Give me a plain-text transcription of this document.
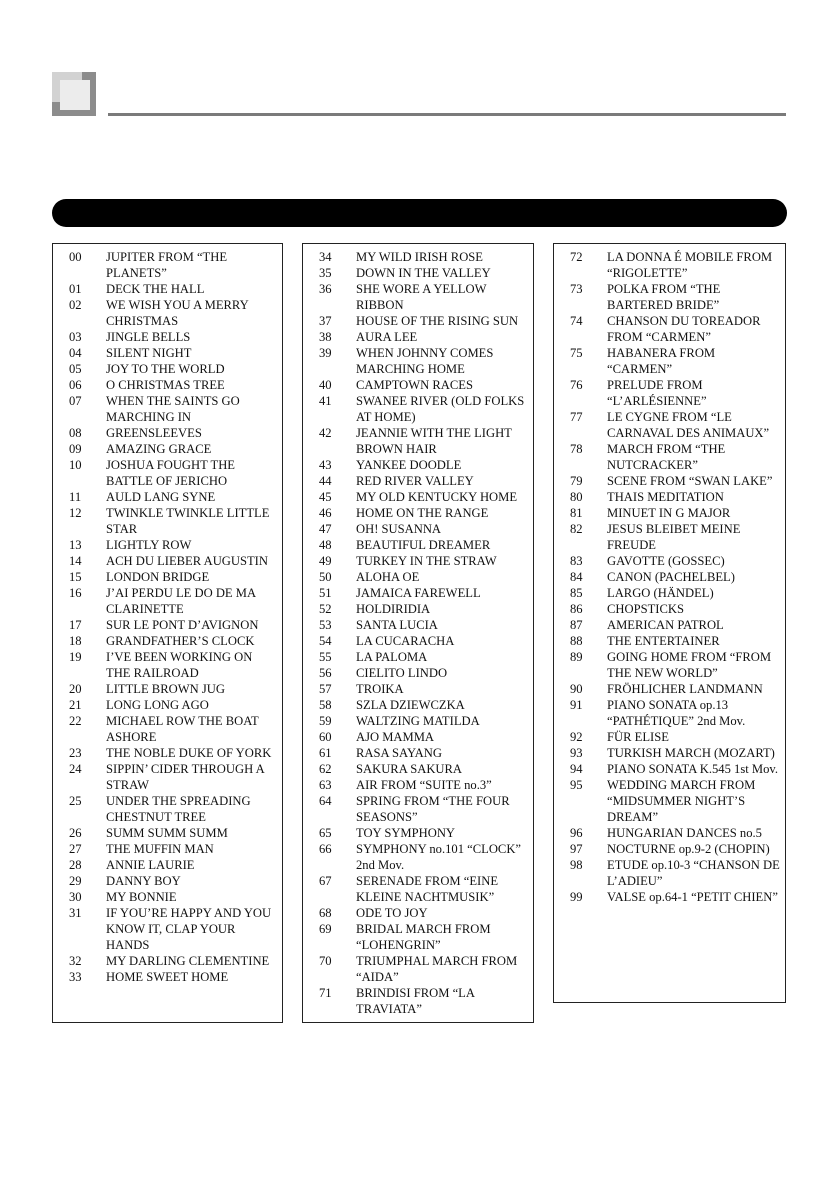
00	JUPITER FROM “THE PLANETS”
01	DECK THE HALL
02	WE WISH YOU A MERRY CHRISTMAS
03	JINGLE BELLS
04	SILENT NIGHT
05	JOY TO THE WORLD
06	O CHRISTMAS TREE
07	WHEN THE SAINTS GO MARCHING IN
08	GREENSLEEVES
09	AMAZING GRACE
10	JOSHUA FOUGHT THE BATTLE OF JERICHO
11	AULD LANG SYNE
12	TWINKLE TWINKLE LITTLE STAR
13	LIGHTLY ROW
14	ACH DU LIEBER AUGUSTIN
15	LONDON BRIDGE
16	J’AI PERDU LE DO DE MA CLARINETTE
17	SUR LE PONT D’AVIGNON
18	GRANDFATHER’S CLOCK
19	I’VE BEEN WORKING ON THE RAILROAD
20	LITTLE BROWN JUG
21	LONG LONG AGO
22	MICHAEL ROW THE BOAT ASHORE
23	THE NOBLE DUKE OF YORK
24	SIPPIN’ CIDER THROUGH A STRAW
25	UNDER THE SPREADING CHESTNUT TREE
26	SUMM SUMM SUMM
27	THE MUFFIN MAN
28	ANNIE LAURIE
29	DANNY BOY
30	MY BONNIE
31	IF YOU’RE HAPPY AND YOU KNOW IT, CLAP YOUR HANDS
32	MY DARLING CLEMENTINE
33	HOME SWEET HOME
34	MY WILD IRISH ROSE
35	DOWN IN THE VALLEY
36	SHE WORE A YELLOW RIBBON
37	HOUSE OF THE RISING SUN
38	AURA LEE
39	WHEN JOHNNY COMES MARCHING HOME
40	CAMPTOWN RACES
41	SWANEE RIVER (OLD FOLKS AT HOME)
42	JEANNIE WITH THE LIGHT BROWN HAIR
43	YANKEE DOODLE
44	RED RIVER VALLEY
45	MY OLD KENTUCKY HOME
46	HOME ON THE RANGE
47	OH! SUSANNA
48	BEAUTIFUL DREAMER
49	TURKEY IN THE STRAW
50	ALOHA OE
51	JAMAICA FAREWELL
52	HOLDIRIDIA
53	SANTA LUCIA
54	LA CUCARACHA
55	LA PALOMA
56	CIELITO LINDO
57	TROIKA
58	SZLA DZIEWCZKA
59	WALTZING MATILDA
60	AJO MAMMA
61	RASA SAYANG
62	SAKURA SAKURA
63	AIR FROM “SUITE no.3”
64	SPRING FROM “THE FOUR SEASONS”
65	TOY SYMPHONY
66	SYMPHONY no.101 “CLOCK” 2nd Mov.
67	SERENADE FROM “EINE KLEINE NACHTMUSIK”
68	ODE TO JOY
69	BRIDAL MARCH FROM “LOHENGRIN”
70	TRIUMPHAL MARCH FROM “AIDA”
71	BRINDISI FROM “LA TRAVIATA”
72	LA DONNA É MOBILE FROM “RIGOLETTE”
73	POLKA FROM “THE BARTERED BRIDE”
74	CHANSON DU TOREADOR FROM “CARMEN”
75	HABANERA FROM “CARMEN”
76	PRELUDE FROM “L’ARLÉSIENNE”
77	LE CYGNE FROM “LE CARNAVAL DES ANIMAUX”
78	MARCH FROM “THE NUTCRACKER”
79	SCENE FROM “SWAN LAKE”
80	THAIS MEDITATION
81	MINUET IN G MAJOR
82	JESUS BLEIBET MEINE FREUDE
83	GAVOTTE (GOSSEC)
84	CANON (PACHELBEL)
85	LARGO (HÄNDEL)
86	CHOPSTICKS
87	AMERICAN PATROL
88	THE ENTERTAINER
89	GOING HOME FROM “FROM THE NEW WORLD”
90	FRÖHLICHER LANDMANN
91	PIANO SONATA op.13 “PATHÉTIQUE” 2nd Mov.
92	FÜR ELISE
93	TURKISH MARCH (MOZART)
94	PIANO SONATA K.545 1st Mov.
95	WEDDING MARCH FROM “MIDSUMMER NIGHT’S DREAM”
96	HUNGARIAN DANCES no.5
97	NOCTURNE op.9-2 (CHOPIN)
98	ETUDE op.10-3 “CHANSON DE L’ADIEU”
99	VALSE op.64-1 “PETIT CHIEN”
